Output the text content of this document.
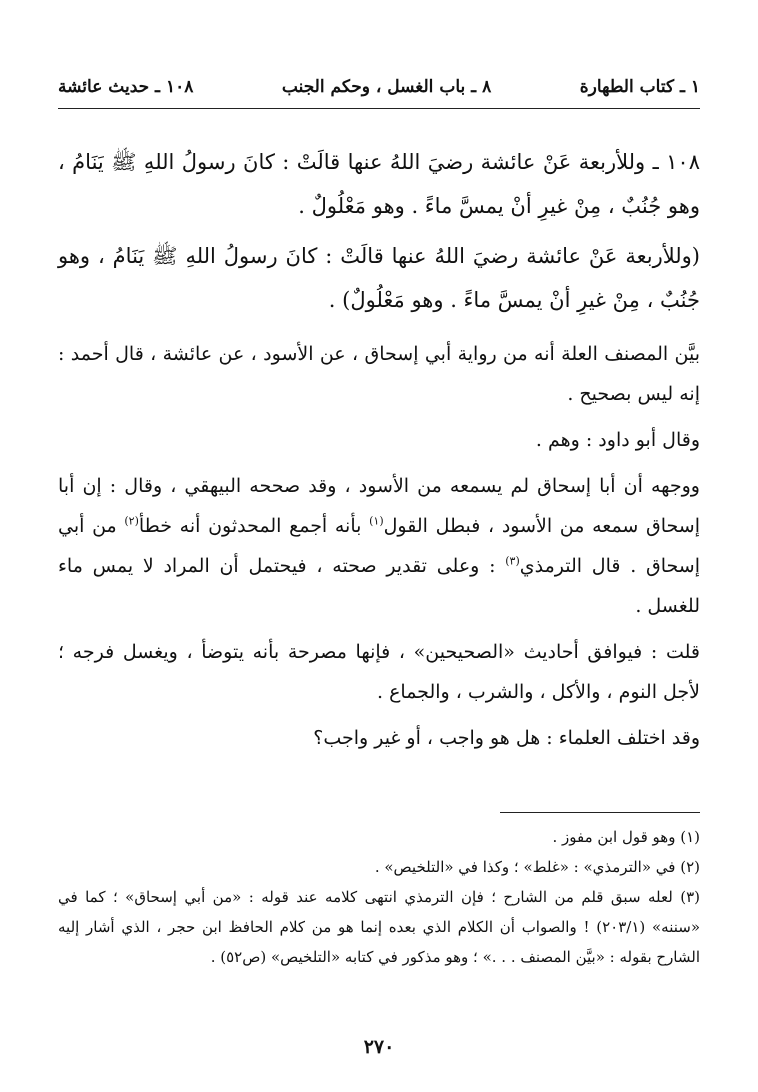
١ ـ كتاب الطهارة
٨ ـ باب الغسل ، وحكم الجنب
١٠٨ ـ حديث عائشة

١٠٨ ـ وللأربعة عَنْ عائشة رضيَ اللهُ عنها قالَتْ : كانَ رسولُ اللهِ ﷺ يَنَامُ ، وهو جُنُبٌ ، مِنْ غيرِ أنْ يمسَّ ماءً . وهو مَعْلُولٌ .

(وللأربعة عَنْ عائشة رضيَ اللهُ عنها قالَتْ : كانَ رسولُ اللهِ ﷺ يَنَامُ ، وهو جُنُبٌ ، مِنْ غيرِ أنْ يمسَّ ماءً . وهو مَعْلُولٌ) .

بيَّن المصنف العلة أنه من رواية أبي إسحاق ، عن الأسود ، عن عائشة ، قال أحمد : إنه ليس بصحيح .

وقال أبو داود : وهم .

ووجهه أن أبا إسحاق لم يسمعه من الأسود ، وقد صححه البيهقي ، وقال : إن أبا إسحاق سمعه من الأسود ، فبطل القول$^{(١)}$ بأنه أجمع المحدثون أنه خطأ$^{(٢)}$ من أبي إسحاق . قال الترمذي$^{(٣)}$ : وعلى تقدير صحته ، فيحتمل أن المراد لا يمس ماء للغسل .

قلت : فيوافق أحاديث «الصحيحين» ، فإنها مصرحة بأنه يتوضأ ، ويغسل فرجه ؛ لأجل النوم ، والأكل ، والشرب ، والجماع .

وقد اختلف العلماء : هل هو واجب ، أو غير واجب؟

(١) وهو قول ابن مفوز .

(٢) في «الترمذي» : «غلط» ؛ وكذا في «التلخيص» .

(٣) لعله سبق قلم من الشارح ؛ فإن الترمذي انتهى كلامه عند قوله : «من أبي إسحاق» ؛ كما في «سننه» (٢٠٣/١) ! والصواب أن الكلام الذي بعده إنما هو من كلام الحافظ ابن حجر ، الذي أشار إليه الشارح بقوله : «بيَّن المصنف . . .» ؛ وهو مذكور في كتابه «التلخيص» (ص٥٢) .

٢٧٠
